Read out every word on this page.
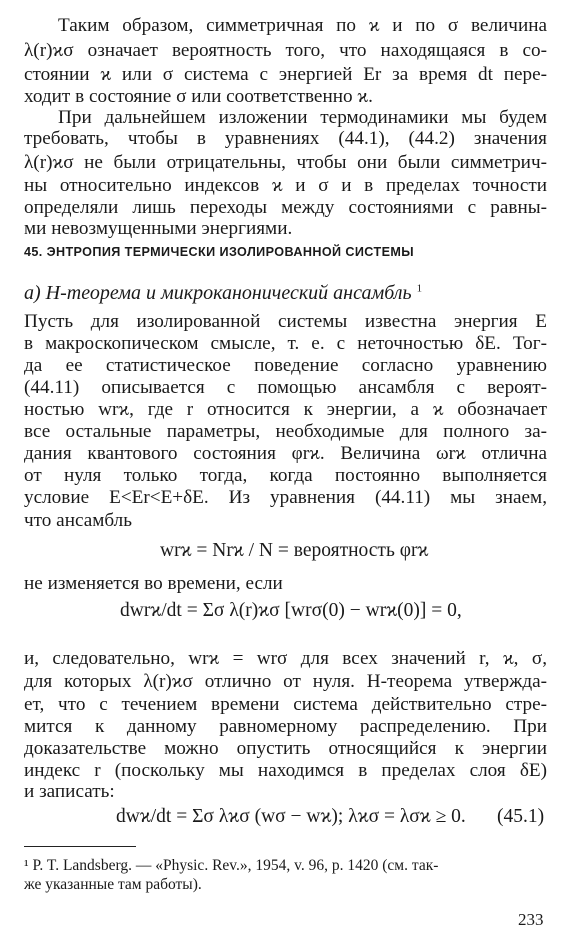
Таким образом, симметричная по ϰ и по σ величина
λ(r)ϰσ означает вероятность того, что находящаяся в со-
стоянии ϰ или σ система с энергией Er за время dt пере-
ходит в состояние σ или соответственно ϰ.
При дальнейшем изложении термодинамики мы будем
требовать, чтобы в уравнениях (44.1), (44.2) значения
λ(r)ϰσ не были отрицательны, чтобы они были симметрич-
ны относительно индексов ϰ и σ и в пределах точности
определяли лишь переходы между состояниями с равны-
ми невозмущенными энергиями.
45. ЭНТРОПИЯ ТЕРМИЧЕСКИ ИЗОЛИРОВАННОЙ СИСТЕМЫ
а) H-теорема и микроканонический ансамбль $^1$
Пусть для изолированной системы известна энергия E
в макроскопическом смысле, т. е. с неточностью δE. Тог-
да ее статистическое поведение согласно уравнению
(44.11) описывается с помощью ансамбля с вероят-
ностью wrϰ, где r относится к энергии, а ϰ обозначает
все остальные параметры, необходимые для полного за-
дания квантового состояния φrϰ. Величина ωrϰ отлична
от нуля только тогда, когда постоянно выполняется
условие E<Er<E+δE. Из уравнения (44.11) мы знаем,
что ансамбль
wrϰ = Nrϰ / N = вероятность φrϰ
не изменяется во времени, если
dwrϰ/dt = Σσ λ(r)ϰσ [wrσ(0) − wrϰ(0)] = 0,
и, следовательно, wrϰ = wrσ для всех значений r, ϰ, σ,
для которых λ(r)ϰσ отлично от нуля. H-теорема утвержда-
ет, что с течением времени система действительно стре-
мится к данному равномерному распределению. При
доказательстве можно опустить относящийся к энергии
индекс r (поскольку мы находимся в пределах слоя δE)
и записать:
dwϰ/dt = Σσ λϰσ (wσ − wϰ); λϰσ = λσϰ ≥ 0. (45.1)
¹ P. T. Landsberg. — «Physic. Rev.», 1954, v. 96, p. 1420 (см. так-
же указанные там работы).
233
